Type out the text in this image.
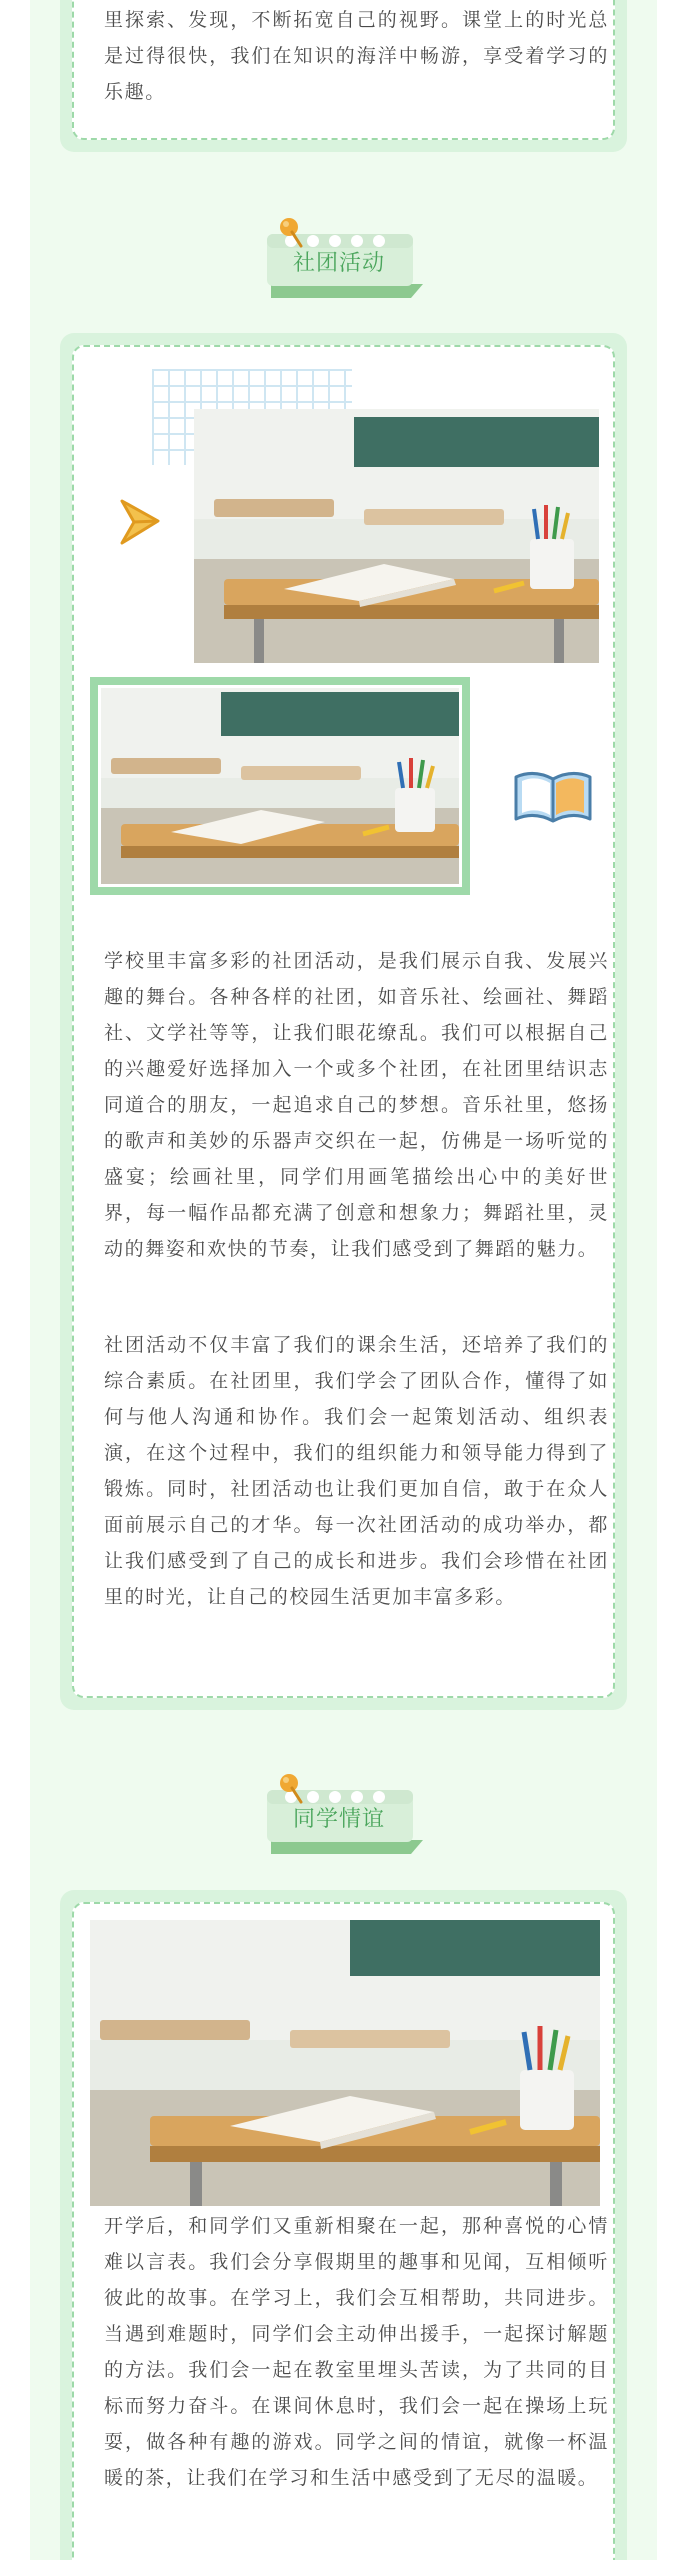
里探索、发现，不断拓宽自己的视野。课堂上的时光总是过得很快，我们在知识的海洋中畅游，享受着学习的乐趣。

社团活动

学校里丰富多彩的社团活动，是我们展示自我、发展兴趣的舞台。各种各样的社团，如音乐社、绘画社、舞蹈社、文学社等等，让我们眼花缭乱。我们可以根据自己的兴趣爱好选择加入一个或多个社团，在社团里结识志同道合的朋友，一起追求自己的梦想。音乐社里，悠扬的歌声和美妙的乐器声交织在一起，仿佛是一场听觉的盛宴；绘画社里，同学们用画笔描绘出心中的美好世界，每一幅作品都充满了创意和想象力；舞蹈社里，灵动的舞姿和欢快的节奏，让我们感受到了舞蹈的魅力。

社团活动不仅丰富了我们的课余生活，还培养了我们的综合素质。在社团里，我们学会了团队合作，懂得了如何与他人沟通和协作。我们会一起策划活动、组织表演，在这个过程中，我们的组织能力和领导能力得到了锻炼。同时，社团活动也让我们更加自信，敢于在众人面前展示自己的才华。每一次社团活动的成功举办，都让我们感受到了自己的成长和进步。我们会珍惜在社团里的时光，让自己的校园生活更加丰富多彩。

同学情谊

开学后，和同学们又重新相聚在一起，那种喜悦的心情难以言表。我们会分享假期里的趣事和见闻，互相倾听彼此的故事。在学习上，我们会互相帮助，共同进步。当遇到难题时，同学们会主动伸出援手，一起探讨解题的方法。我们会一起在教室里埋头苦读，为了共同的目标而努力奋斗。在课间休息时，我们会一起在操场上玩耍，做各种有趣的游戏。同学之间的情谊，就像一杯温暖的茶，让我们在学习和生活中感受到了无尽的温暖。
